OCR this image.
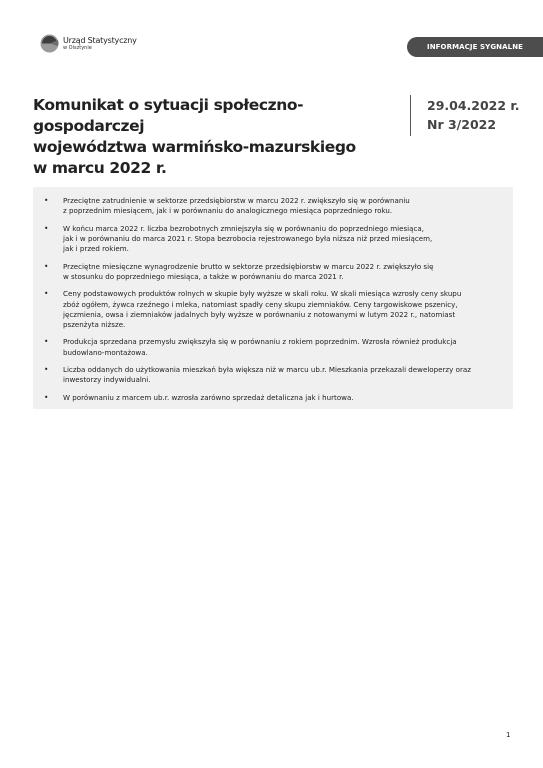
Urząd Statystyczny
w Olsztynie	INFORMACJE SYGNALNE
Komunikat o sytuacji społeczno-gospodarczej
województwa warmińsko-mazurskiego
w marcu 2022 r.
29.04.2022 r.
Nr 3/2022
• Przeciętne zatrudnienie w sektorze przedsiębiorstw w marcu 2022 r. zwiększyło się w porównaniu
z poprzednim miesiącem, jak i w porównaniu do analogicznego miesiąca poprzedniego roku.
• W końcu marca 2022 r. liczba bezrobotnych zmniejszyła się w porównaniu do poprzedniego miesiąca,
jak i w porównaniu do marca 2021 r. Stopa bezrobocia rejestrowanego była niższa niż przed miesiącem,
jak i przed rokiem.
• Przeciętne miesięczne wynagrodzenie brutto w sektorze przedsiębiorstw w marcu 2022 r. zwiększyło się
w stosunku do poprzedniego miesiąca, a także w porównaniu do marca 2021 r.
• Ceny podstawowych produktów rolnych w skupie były wyższe w skali roku. W skali miesiąca wzrosły ceny skupu
zbóż ogółem, żywca rzeźnego i mleka, natomiast spadły ceny skupu ziemniaków. Ceny targowiskowe pszenicy,
jęczmienia, owsa i ziemniaków jadalnych były wyższe w porównaniu z notowanymi w lutym 2022 r., natomiast
pszenżyta niższe.
• Produkcja sprzedana przemysłu zwiększyła się w porównaniu z rokiem poprzednim. Wzrosła również produkcja
budowlano-montażowa.
• Liczba oddanych do użytkowania mieszkań była większa niż w marcu ub.r. Mieszkania przekazali deweloperzy oraz
inwestorzy indywidualni.
• W porównaniu z marcem ub.r. wzrosła zarówno sprzedaż detaliczna jak i hurtowa.
1
